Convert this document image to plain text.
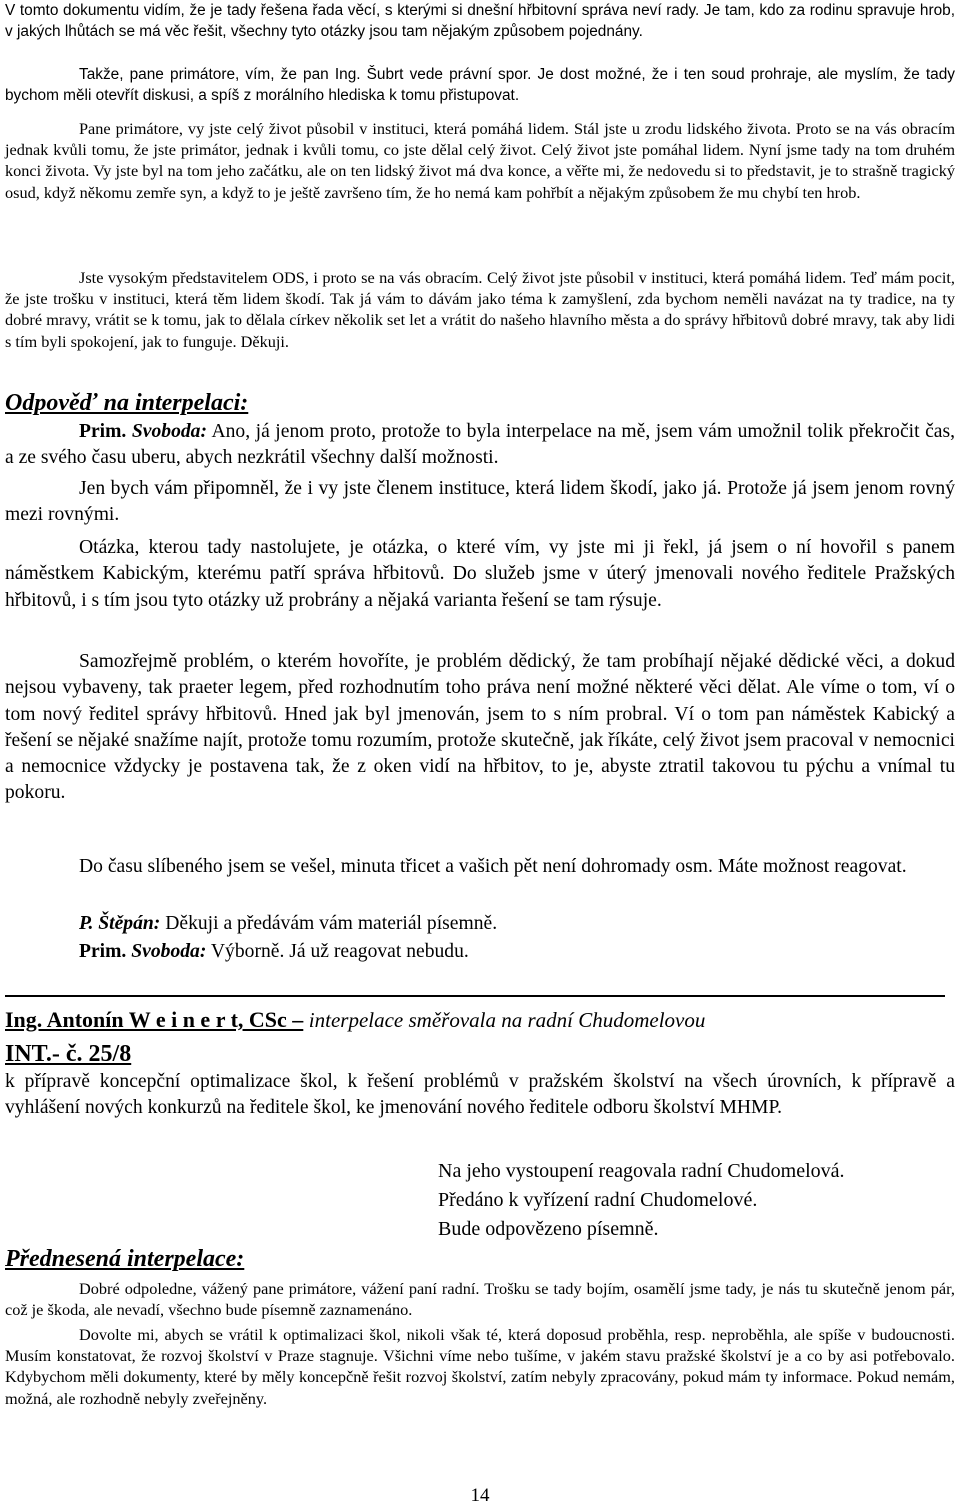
V tomto dokumentu vidím, že je tady řešena řada věcí, s kterými si dnešní hřbitovní správa neví rady. Je tam, kdo za rodinu spravuje hrob, v jakých lhůtách se má věc řešit, všechny tyto otázky jsou tam nějakým způsobem pojednány.

Takže, pane primátore, vím, že pan Ing. Šubrt vede právní spor. Je dost možné, že i ten soud prohraje, ale myslím, že tady bychom měli otevřít diskusi, a spíš z morálního hlediska k tomu přistupovat.

Pane primátore, vy jste celý život působil v instituci, která pomáhá lidem. Stál jste u zrodu lidského života. Proto se na vás obracím jednak kvůli tomu, že jste primátor, jednak i kvůli tomu, co jste dělal celý život. Celý život jste pomáhal lidem. Nyní jsme tady na tom druhém konci života. Vy jste byl na tom jeho začátku, ale on ten lidský život má dva konce, a věřte mi, že nedovedu si to představit, je to strašně tragický osud, když někomu zemře syn, a když to je ještě završeno tím, že ho nemá kam pohřbít a nějakým způsobem že mu chybí ten hrob.

Jste vysokým představitelem ODS, i proto se na vás obracím. Celý život jste působil v instituci, která pomáhá lidem. Teď mám pocit, že jste trošku v instituci, která těm lidem škodí. Tak já vám to dávám jako téma k zamyšlení, zda bychom neměli navázat na ty tradice, na ty dobré mravy, vrátit se k tomu, jak to dělala církev několik set let a vrátit do našeho hlavního města a do správy hřbitovů dobré mravy, tak aby lidi s tím byli spokojení, jak to funguje. Děkuji.

Odpověď na interpelaci:

Prim. Svoboda: Ano, já jenom proto, protože to byla interpelace na mě, jsem vám umožnil tolik překročit čas, a ze svého času uberu, abych nezkrátil všechny další možnosti.

Jen bych vám připomněl, že i vy jste členem instituce, která lidem škodí, jako já. Protože já jsem jenom rovný mezi rovnými.

Otázka, kterou tady nastolujete, je otázka, o které vím, vy jste mi ji řekl, já jsem o ní hovořil s panem náměstkem Kabickým, kterému patří správa hřbitovů. Do služeb jsme v úterý jmenovali nového ředitele Pražských hřbitovů, i s tím jsou tyto otázky už probrány a nějaká varianta řešení se tam rýsuje.

Samozřejmě problém, o kterém hovoříte, je problém dědický, že tam probíhají nějaké dědické věci, a dokud nejsou vybaveny, tak praeter legem, před rozhodnutím toho práva není možné některé věci dělat. Ale víme o tom, ví o tom nový ředitel správy hřbitovů. Hned jak byl jmenován, jsem to s ním probral. Ví o tom pan náměstek Kabický a řešení se nějaké snažíme najít, protože tomu rozumím, protože skutečně, jak říkáte, celý život jsem pracoval v nemocnici a nemocnice vždycky je postavena tak, že z oken vidí na hřbitov, to je, abyste ztratil takovou tu pýchu a vnímal tu pokoru.

Do času slíbeného jsem se vešel, minuta třicet a vašich pět není dohromady osm. Máte možnost reagovat.

P. Štěpán: Děkuji a předávám vám materiál písemně.

Prim. Svoboda: Výborně. Já už reagovat nebudu.

Ing. Antonín W e i n e r t, CSc – interpelace směřovala na radní Chudomelovou

INT.- č. 25/8

k přípravě koncepční optimalizace škol, k řešení problémů v pražském školství na všech úrovních, k přípravě a vyhlášení nových konkurzů na ředitele škol, ke jmenování nového ředitele odboru školství MHMP.

Na jeho vystoupení reagovala radní Chudomelová.

Předáno k vyřízení radní Chudomelové.

Bude odpovězeno písemně.

Přednesená interpelace:

Dobré odpoledne, vážený pane primátore, vážení paní radní. Trošku se tady bojím, osamělí jsme tady, je nás tu skutečně jenom pár, což je škoda, ale nevadí, všechno bude písemně zaznamenáno.

Dovolte mi, abych se vrátil k optimalizaci škol, nikoli však té, která doposud proběhla, resp. neproběhla, ale spíše v budoucnosti. Musím konstatovat, že rozvoj školství v Praze stagnuje. Všichni víme nebo tušíme, v jakém stavu pražské školství je a co by asi potřebovalo. Kdybychom měli dokumenty, které by měly koncepčně řešit rozvoj školství, zatím nebyly zpracovány, pokud mám ty informace. Pokud nemám, možná, ale rozhodně nebyly zveřejněny.

14
